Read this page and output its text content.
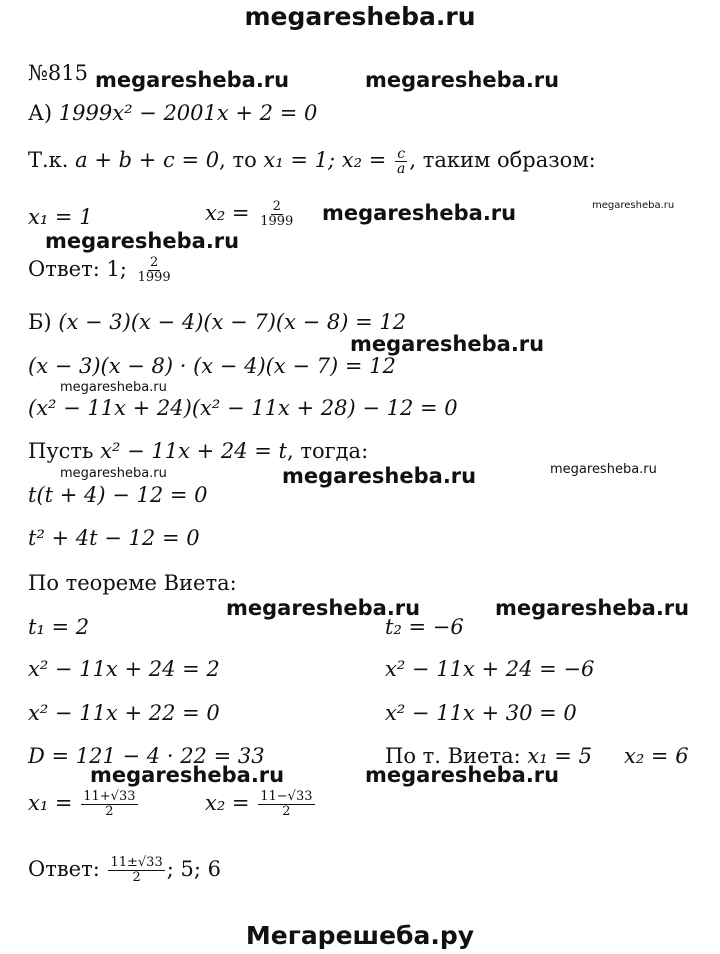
megaresheba.ru
megaresheba.ru	megaresheba.ru
megaresheba.ru	megaresheba.ru
megaresheba.ru
megaresheba.ru
megaresheba.ru
megaresheba.ru	megaresheba.ru	megaresheba.ru
megaresheba.ru	megaresheba.ru
megaresheba.ru	megaresheba.ru
№815
А) 1999x² − 2001x + 2 = 0
Т.к. a + b + c = 0, то x₁ = 1; $x_2 = \frac{c}{a}$ , таким образом:
x₁ = 1	$x_2 = \frac{2}{1999}$
Ответ: 1; $\frac{2}{1999}$
Б) (x − 3)(x − 4)(x − 7)(x − 8) = 12
(x − 3)(x − 8) · (x − 4)(x − 7) = 12
(x² − 11x + 24)(x² − 11x + 28) − 12 = 0
Пусть x² − 11x + 24 = t, тогда:
t(t + 4) − 12 = 0
t² + 4t − 12 = 0
По теореме Виета:
t₁ = 2	t₂ = −6
x² − 11x + 24 = 2	x² − 11x + 24 = −6
x² − 11x + 22 = 0	x² − 11x + 30 = 0
D = 121 − 4 · 22 = 33	По т. Виета: x₁ = 5 x₂ = 6
$x_1 = \frac{11+√33}{2}$	$x_2 = \frac{11-√33}{2}$
Ответ: $\frac{11\pm√33}{2}$ ; 5; 6
Мегарешеба.ру
